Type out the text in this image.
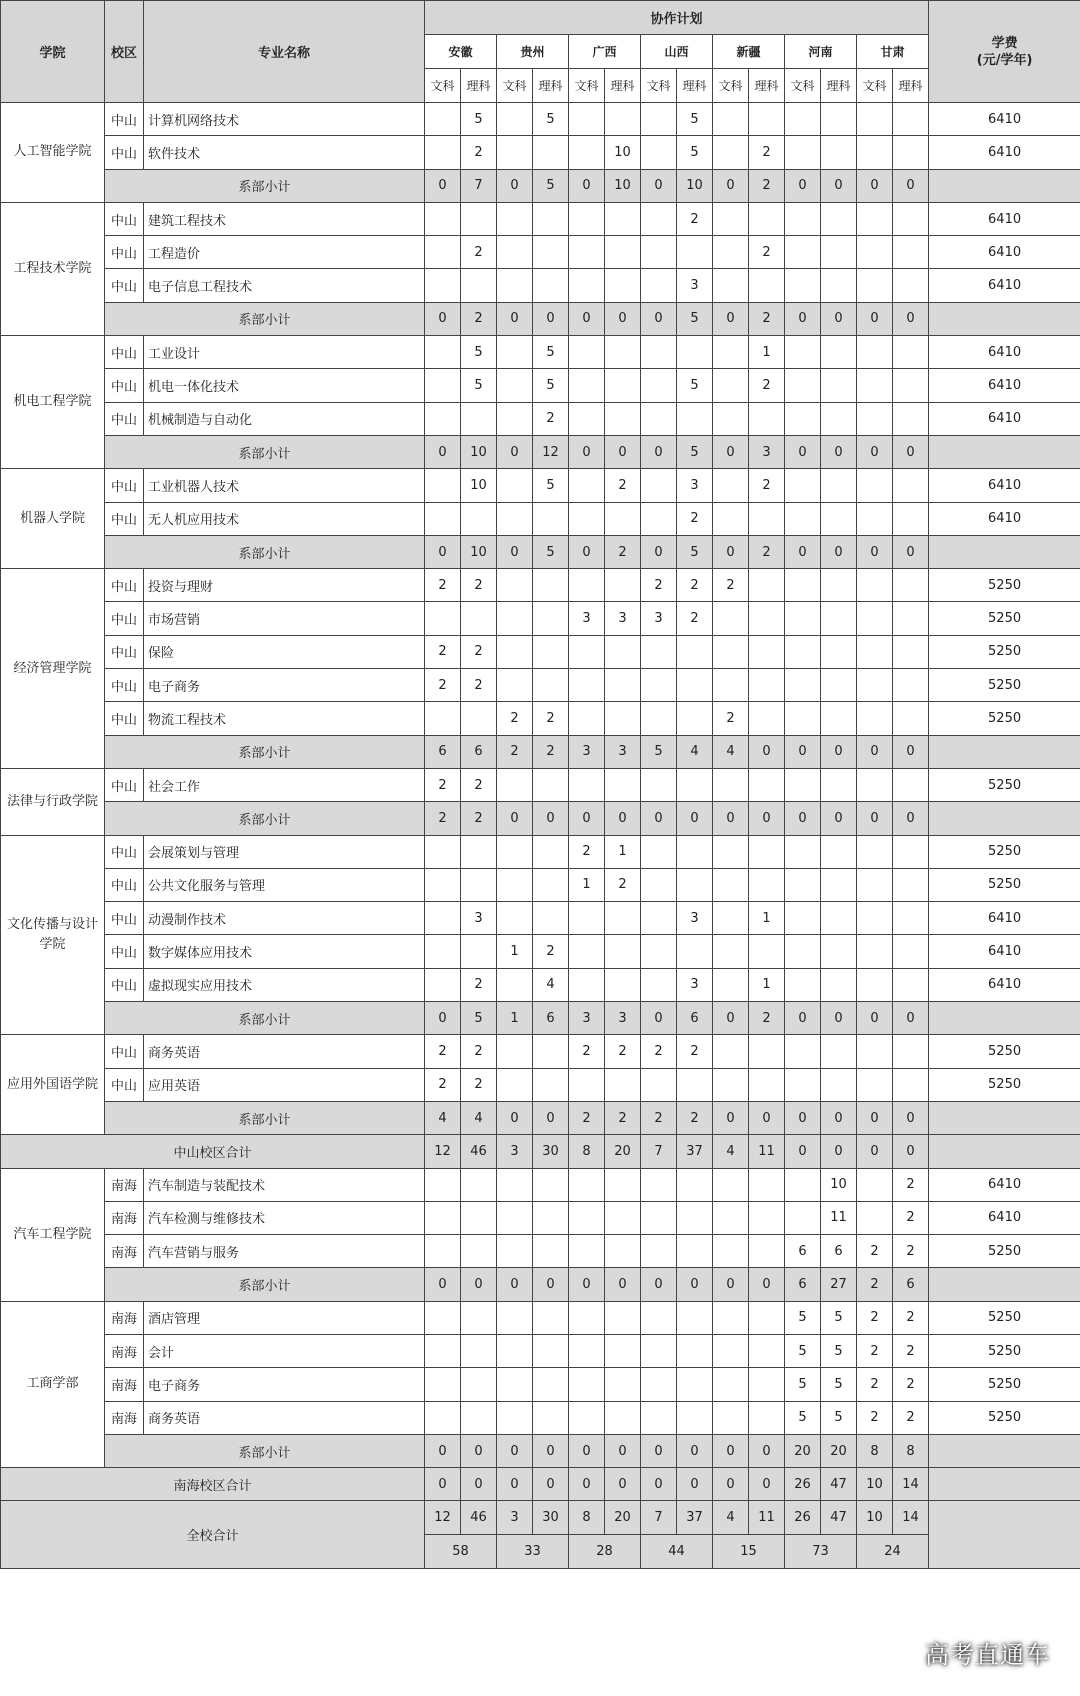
学院	校区	专业名称	协作计划														学费
(元/学年)
			安徽		贵州		广西		山西		新疆		河南		甘肃		
			文科	理科	文科	理科	文科	理科	文科	理科	文科	理科	文科	理科	文科	理科	
人工智能学院	中山	计算机网络技术		5		5				5							6410
	中山	软件技术		2				10		5		2					6410
	系部小计		0	7	0	5	0	10	0	10	0	2	0	0	0	0	
工程技术学院	中山	建筑工程技术								2							6410
	中山	工程造价		2								2					6410
	中山	电子信息工程技术								3							6410
	系部小计		0	2	0	0	0	0	0	5	0	2	0	0	0	0	
机电工程学院	中山	工业设计		5		5						1					6410
	中山	机电一体化技术		5		5				5		2					6410
	中山	机械制造与自动化				2											6410
	系部小计		0	10	0	12	0	0	0	5	0	3	0	0	0	0	
机器人学院	中山	工业机器人技术		10		5		2		3		2					6410
	中山	无人机应用技术								2							6410
	系部小计		0	10	0	5	0	2	0	5	0	2	0	0	0	0	
经济管理学院	中山	投资与理财	2	2					2	2	2						5250
	中山	市场营销					3	3	3	2							5250
	中山	保险	2	2													5250
	中山	电子商务	2	2													5250
	中山	物流工程技术			2	2					2						5250
	系部小计		6	6	2	2	3	3	5	4	4	0	0	0	0	0	
法律与行政学院	中山	社会工作	2	2													5250
	系部小计		2	2	0	0	0	0	0	0	0	0	0	0	0	0	
文化传播与设计学院	中山	会展策划与管理					2	1									5250
	中山	公共文化服务与管理					1	2									5250
	中山	动漫制作技术		3						3		1					6410
	中山	数字媒体应用技术			1	2											6410
	中山	虚拟现实应用技术		2		4				3		1					6410
	系部小计		0	5	1	6	3	3	0	6	0	2	0	0	0	0	
应用外国语学院	中山	商务英语	2	2			2	2	2	2							5250
	中山	应用英语	2	2													5250
	系部小计		4	4	0	0	2	2	2	2	0	0	0	0	0	0	
中山校区合计			12	46	3	30	8	20	7	37	4	11	0	0	0	0	
汽车工程学院	南海	汽车制造与装配技术												10		2	6410
	南海	汽车检测与维修技术												11		2	6410
	南海	汽车营销与服务											6	6	2	2	5250
	系部小计		0	0	0	0	0	0	0	0	0	0	6	27	2	6	
工商学部	南海	酒店管理											5	5	2	2	5250
	南海	会计											5	5	2	2	5250
	南海	电子商务											5	5	2	2	5250
	南海	商务英语											5	5	2	2	5250
	系部小计		0	0	0	0	0	0	0	0	0	0	20	20	8	8	
南海校区合计			0	0	0	0	0	0	0	0	0	0	26	47	10	14	
全校合计			12	46	3	30	8	20	7	37	4	11	26	47	10	14	
			58		33		28		44		15		73		24		
高考直通车
